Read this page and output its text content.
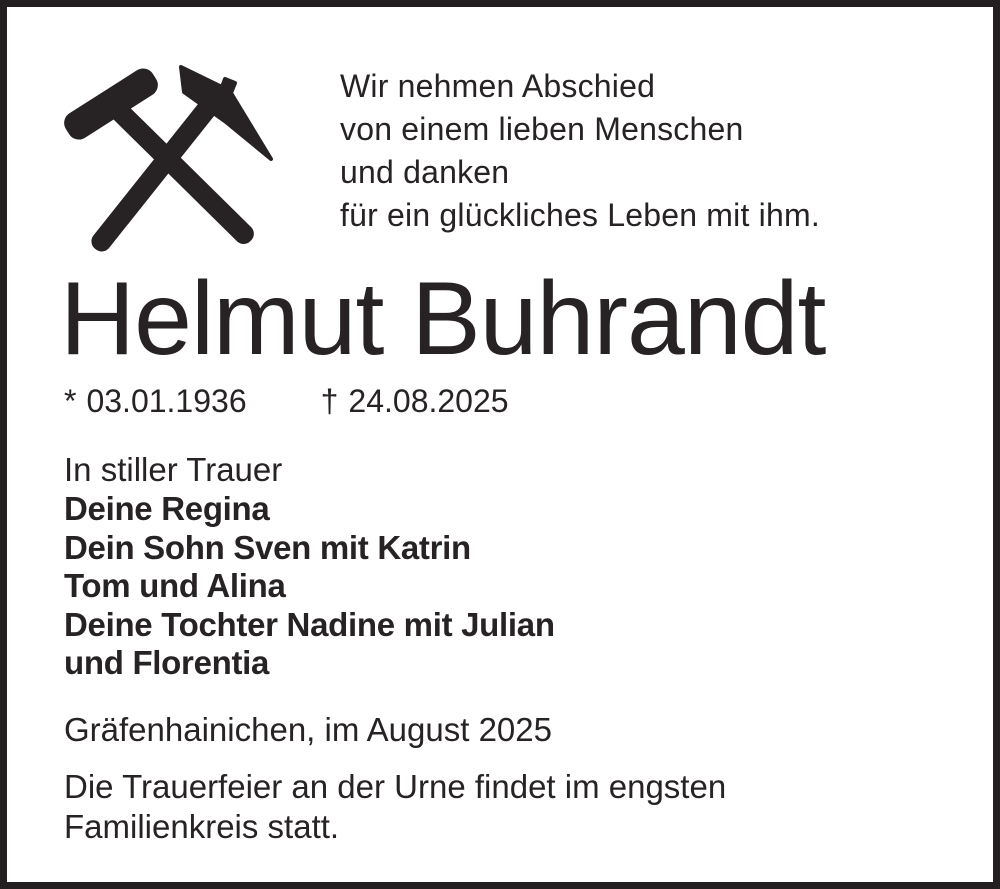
Wir nehmen Abschied
von einem lieben Menschen
und danken
für ein glückliches Leben mit ihm.
Helmut Buhrandt
* 03.01.1936 † 24.08.2025
In stiller Trauer
Deine Regina
Dein Sohn Sven mit Katrin
Tom und Alina
Deine Tochter Nadine mit Julian
und Florentia
Gräfenhainichen, im August 2025
Die Trauerfeier an der Urne findet im engsten
Familienkreis statt.
